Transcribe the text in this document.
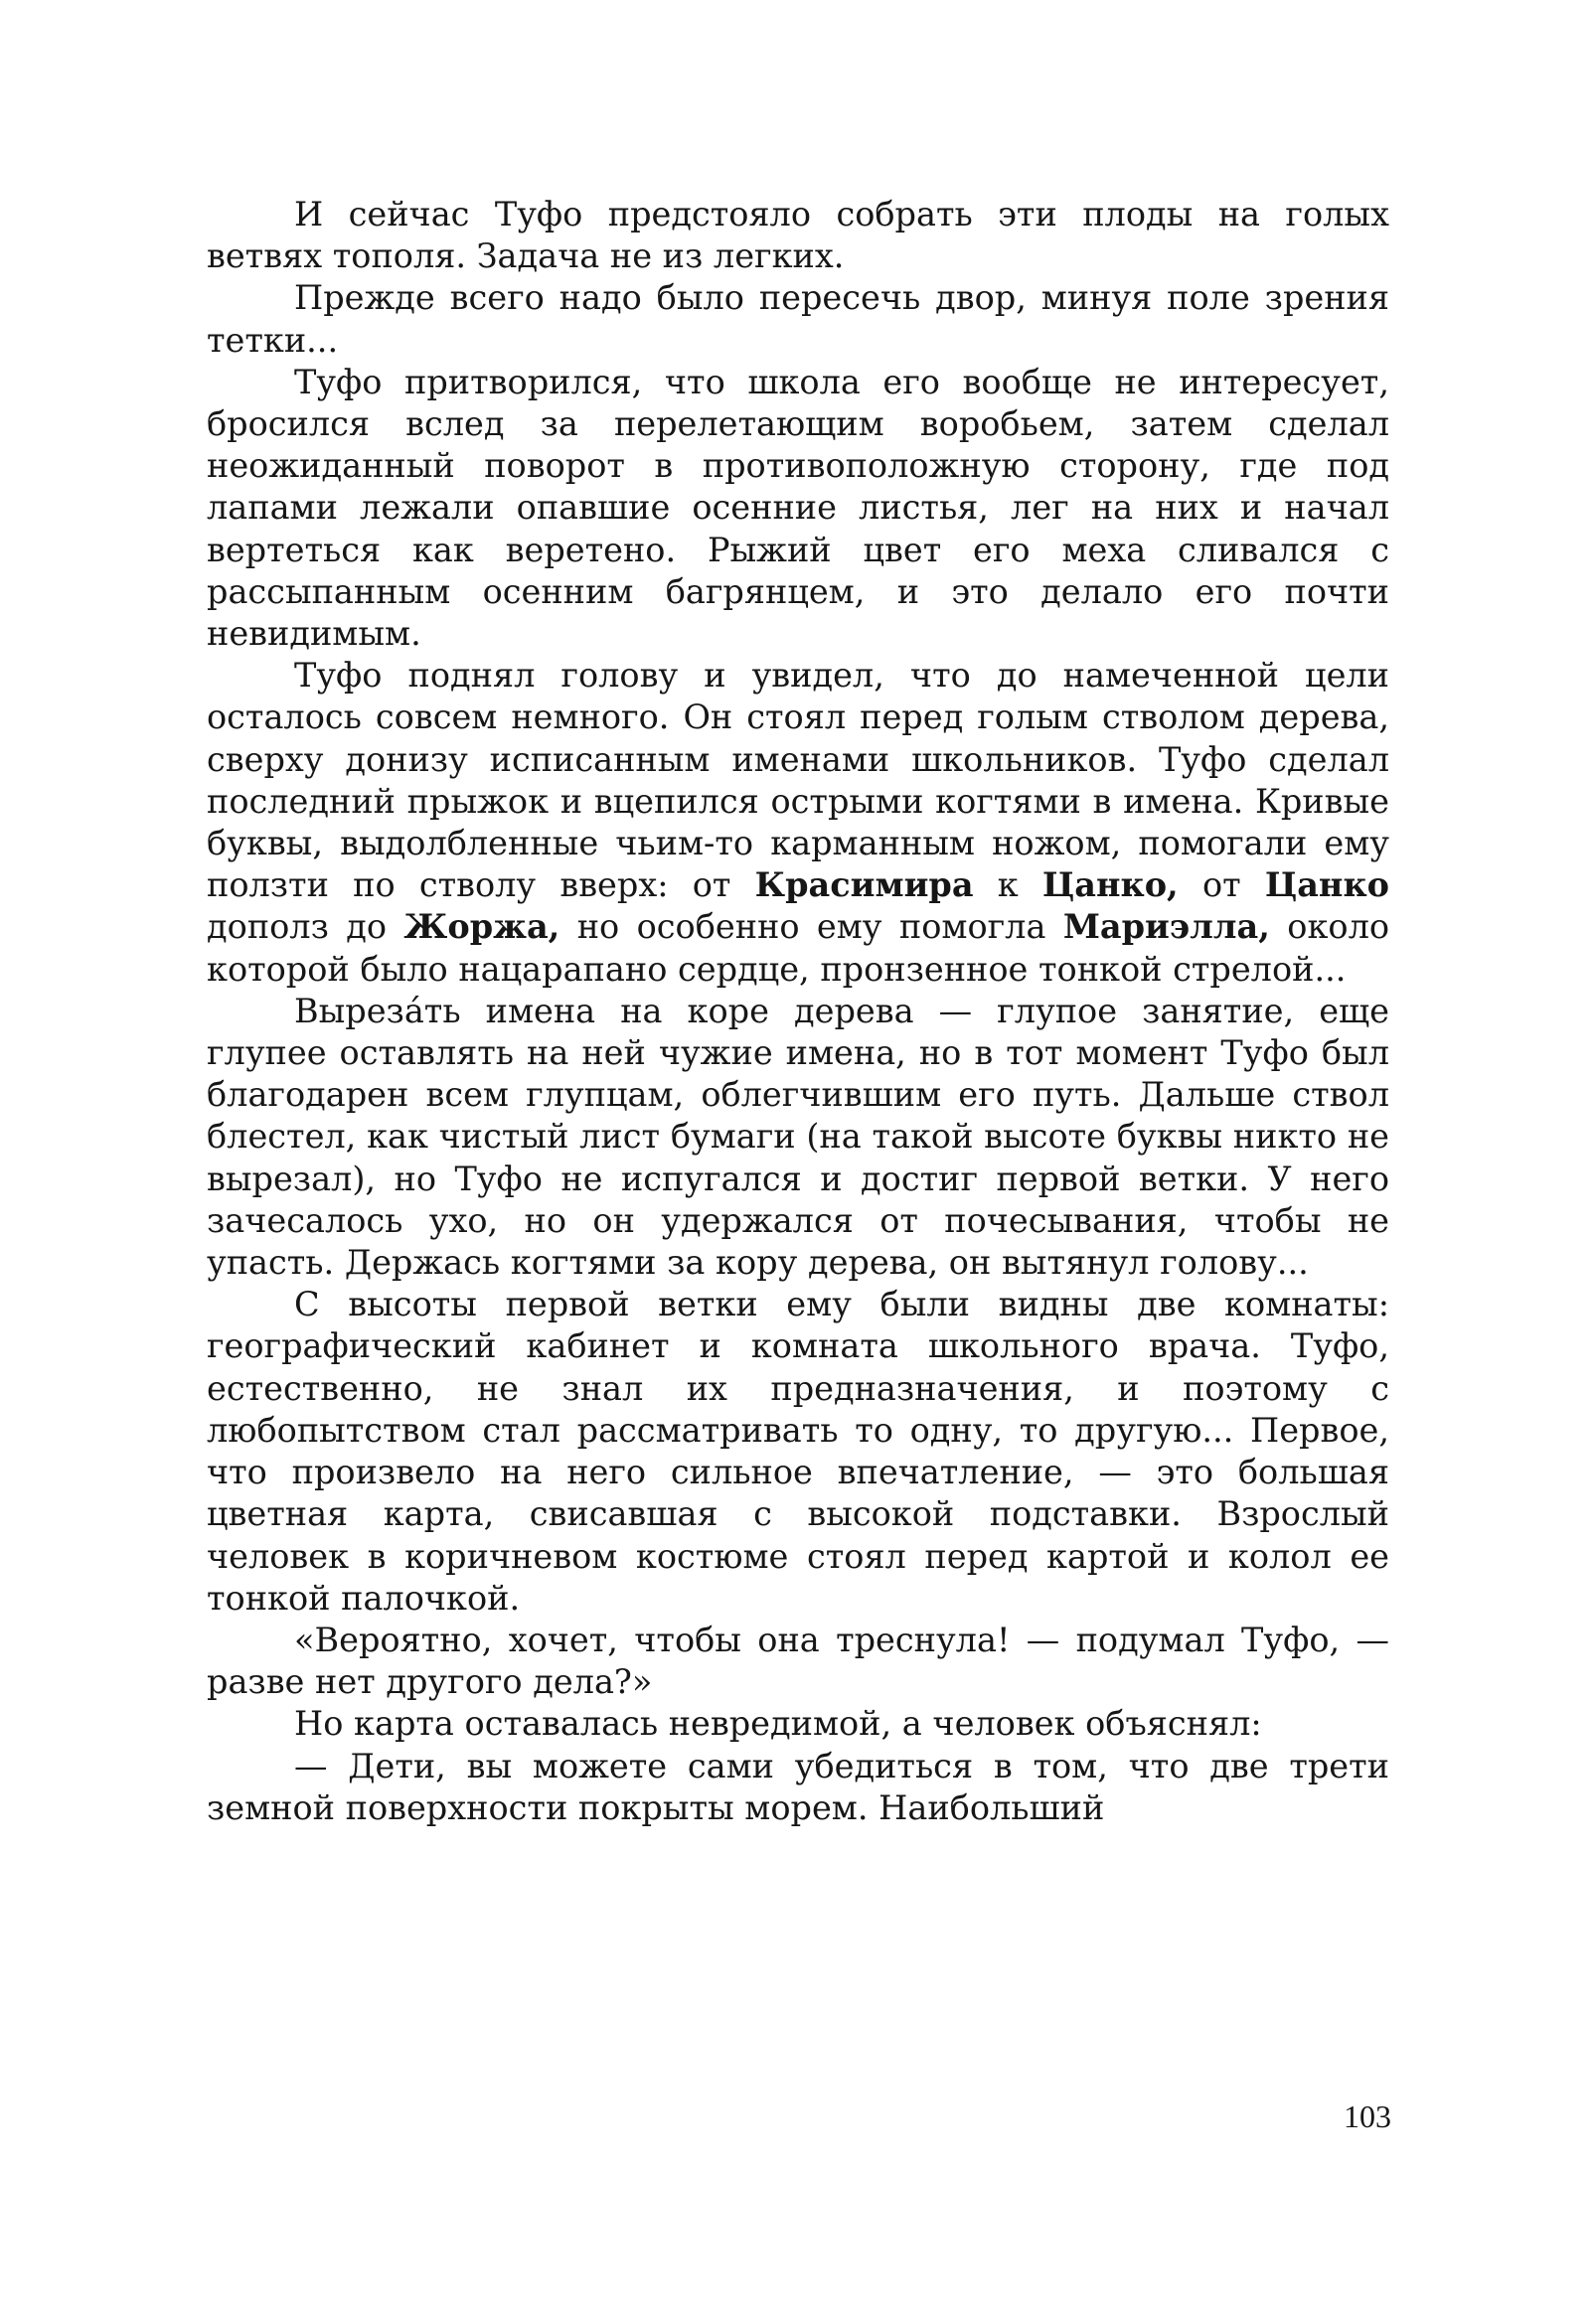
И сейчас Туфо предстояло собрать эти плоды на голых ветвях тополя. Задача не из легких.

Прежде всего надо было пересечь двор, минуя поле зрения тетки...

Туфо притворился, что школа его вообще не интересует, бросился вслед за перелетающим воробьем, затем сделал неожиданный поворот в противоположную сторону, где под лапами лежали опавшие осенние листья, лег на них и начал вертеться как веретено. Рыжий цвет его меха сливался с рассыпанным осенним багрянцем, и это делало его почти невидимым.

Туфо поднял голову и увидел, что до намеченной цели осталось совсем немного. Он стоял перед голым стволом дерева, сверху донизу исписанным именами школьников. Туфо сделал последний прыжок и вцепился острыми когтями в имена. Кривые буквы, выдолбленные чьим-то карманным ножом, помогали ему ползти по стволу вверх: от Красимира к Цанко, от Цанко дополз до Жоржа, но особенно ему помогла Мариэлла, около которой было нацарапано сердце, пронзенное тонкой стрелой...

Вырезáть имена на коре дерева — глупое занятие, еще глупее оставлять на ней чужие имена, но в тот момент Туфо был благодарен всем глупцам, облегчившим его путь. Дальше ствол блестел, как чистый лист бумаги (на такой высоте буквы никто не вырезал), но Туфо не испугался и достиг первой ветки. У него зачесалось ухо, но он удержался от почесывания, чтобы не упасть. Держась когтями за кору дерева, он вытянул голову...

С высоты первой ветки ему были видны две комнаты: географический кабинет и комната школьного врача. Туфо, естественно, не знал их предназначения, и поэтому с любопытством стал рассматривать то одну, то другую... Первое, что произвело на него сильное впечатление, — это большая цветная карта, свисавшая с высокой подставки. Взрослый человек в коричневом костюме стоял перед картой и колол ее тонкой палочкой.

«Вероятно, хочет, чтобы она треснула! — подумал Туфо, — разве нет другого дела?»

Но карта оставалась невредимой, а человек объяснял:

— Дети, вы можете сами убедиться в том, что две трети земной поверхности покрыты морем. Наибольший

103
